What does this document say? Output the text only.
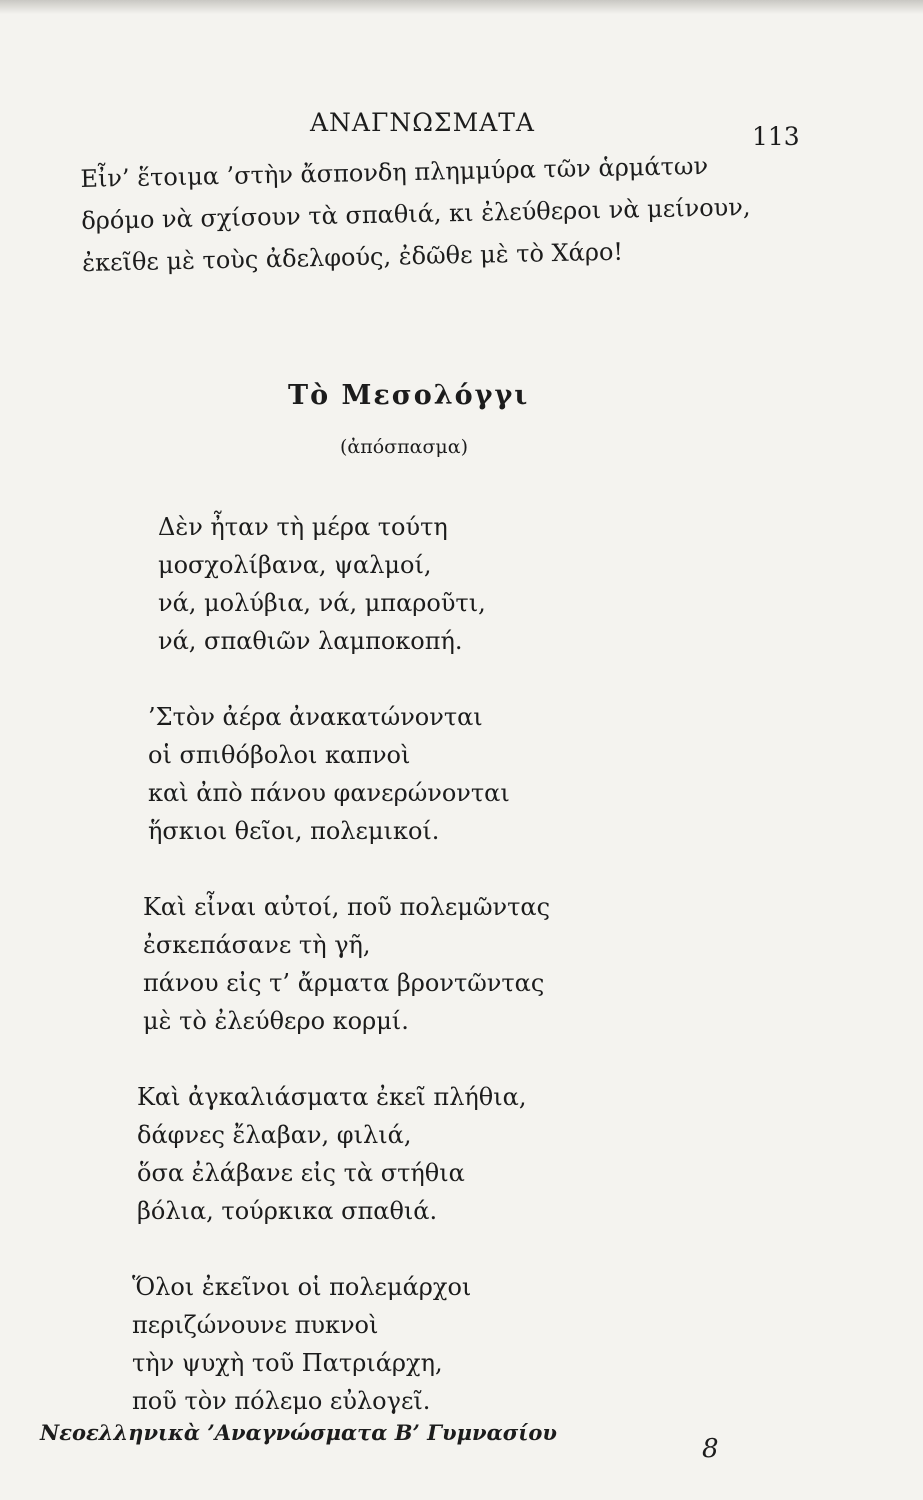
ΑΝΑΓΝΩΣΜΑΤΑ	113
Εἶν’ ἕτοιμα ’στὴν ἄσπονδη πλημμύρα τῶν ἁρμάτων
δρόμο νὰ σχίσουν τὰ σπαθιά, κι ἐλεύθεροι νὰ μείνουν,
ἐκεῖθε μὲ τοὺς ἀδελφούς, ἐδῶθε μὲ τὸ Χάρο!
Τὸ Μεσολόγγι
(ἀπόσπασμα)
Δὲν ἦταν τὴ μέρα τούτη
μοσχολίβανα, ψαλμοί,
νά, μολύβια, νά, μπαροῦτι,
νά, σπαθιῶν λαμποκοπή.
’Στὸν ἀέρα ἀνακατώνονται
οἱ σπιθόβολοι καπνοὶ
καὶ ἀπὸ πάνου φανερώνονται
ἥσκιοι θεῖοι, πολεμικοί.
Καὶ εἶναι αὐτοί, ποῦ πολεμῶντας
ἐσκεπάσανε τὴ γῆ,
πάνου εἰς τ’ ἄρματα βροντῶντας
μὲ τὸ ἐλεύθερο κορμί.
Καὶ ἀγκαλιάσματα ἐκεῖ πλήθια,
δάφνες ἔλαβαν, φιλιά,
ὅσα ἐλάβανε εἰς τὰ στήθια
βόλια, τούρκικα σπαθιά.
Ὅλοι ἐκεῖνοι οἱ πολεμάρχοι
περιζώνουνε πυκνοὶ
τὴν ψυχὴ τοῦ Πατριάρχη,
ποῦ τὸν πόλεμο εὐλογεῖ.
Νεοελληνικὰ ’Αναγνώσματα Β’ Γυμνασίου
8
